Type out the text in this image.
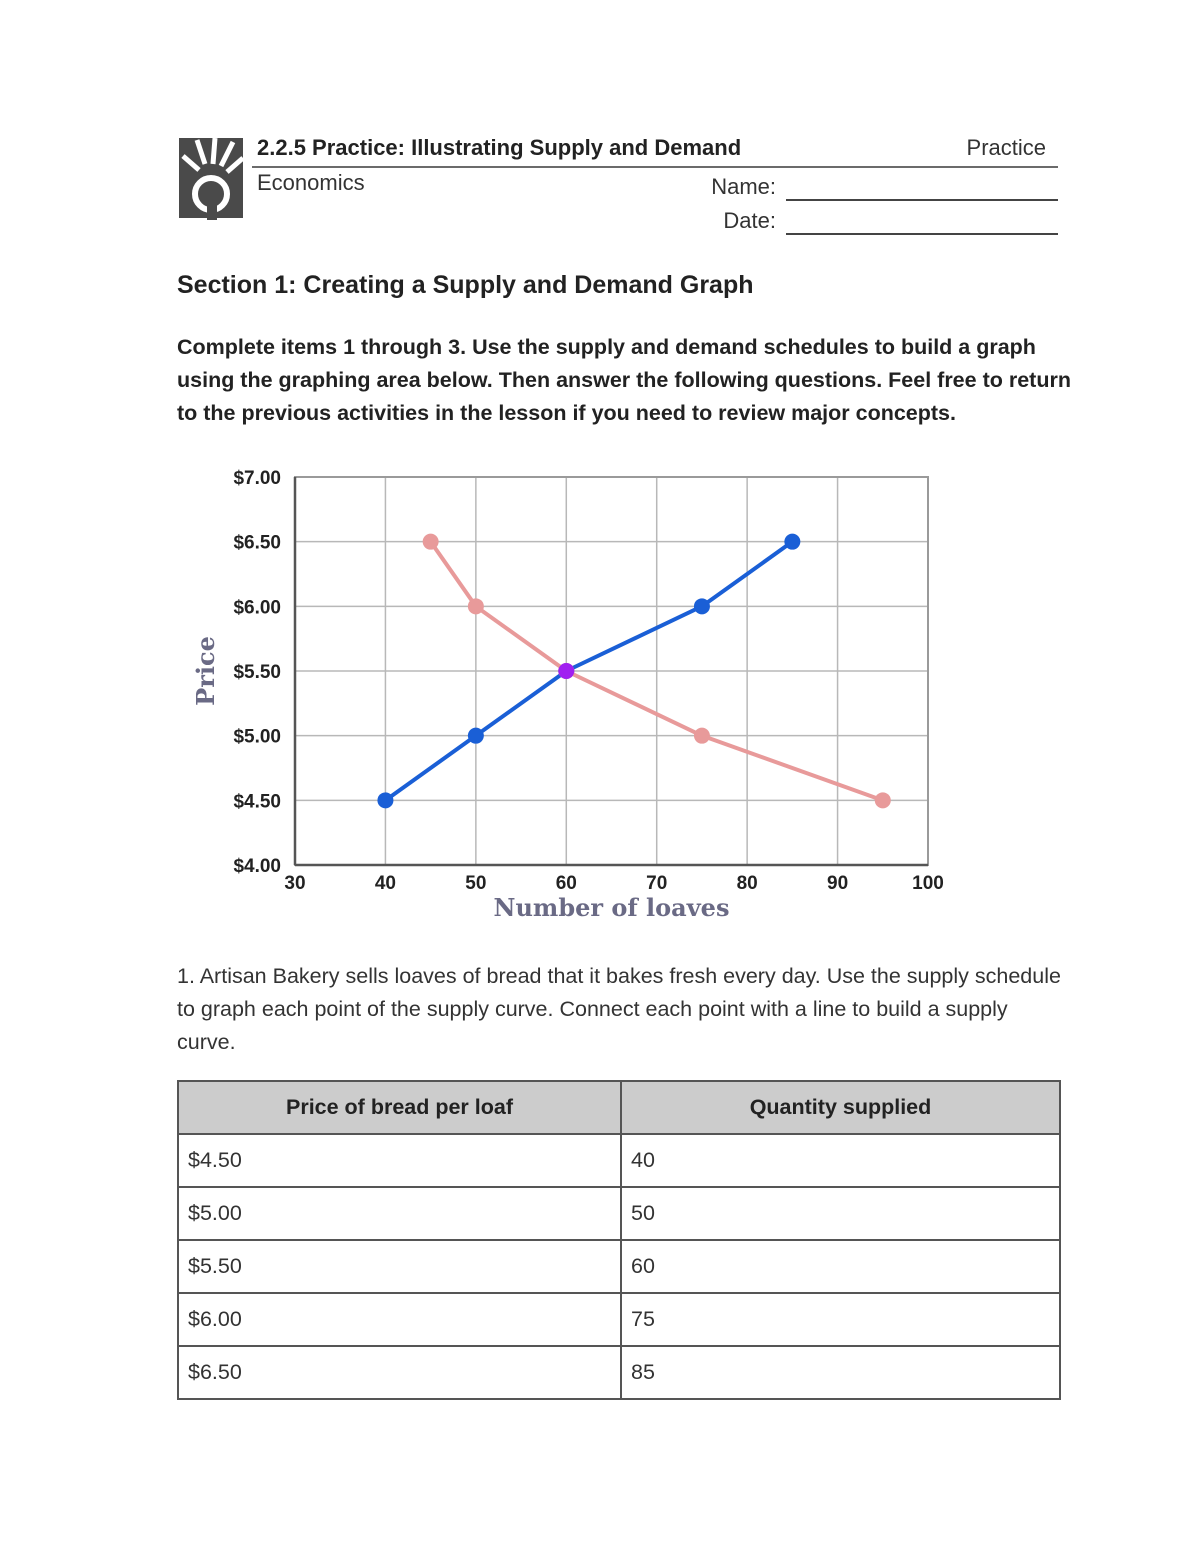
2.2.5 Practice: Illustrating Supply and Demand	Practice
Economics	Name:
Date:
Section 1: Creating a Supply and Demand Graph
Complete items 1 through 3. Use the supply and demand schedules to build a graph using the graphing area below. Then answer the following questions. Feel free to return to the previous activities in the lesson if you need to review major concepts.
30	40	50	60	70	80	90	100
$4.00
$4.50
$5.00
$5.50
$6.00
$6.50
$7.00
Number of loaves
Price
1. Artisan Bakery sells loaves of bread that it bakes fresh every day. Use the supply schedule to graph each point of the supply curve. Connect each point with a line to build a supply curve.
Price of bread per loaf	Quantity supplied
$4.50	40
$5.00	50
$5.50	60
$6.00	75
$6.50	85
